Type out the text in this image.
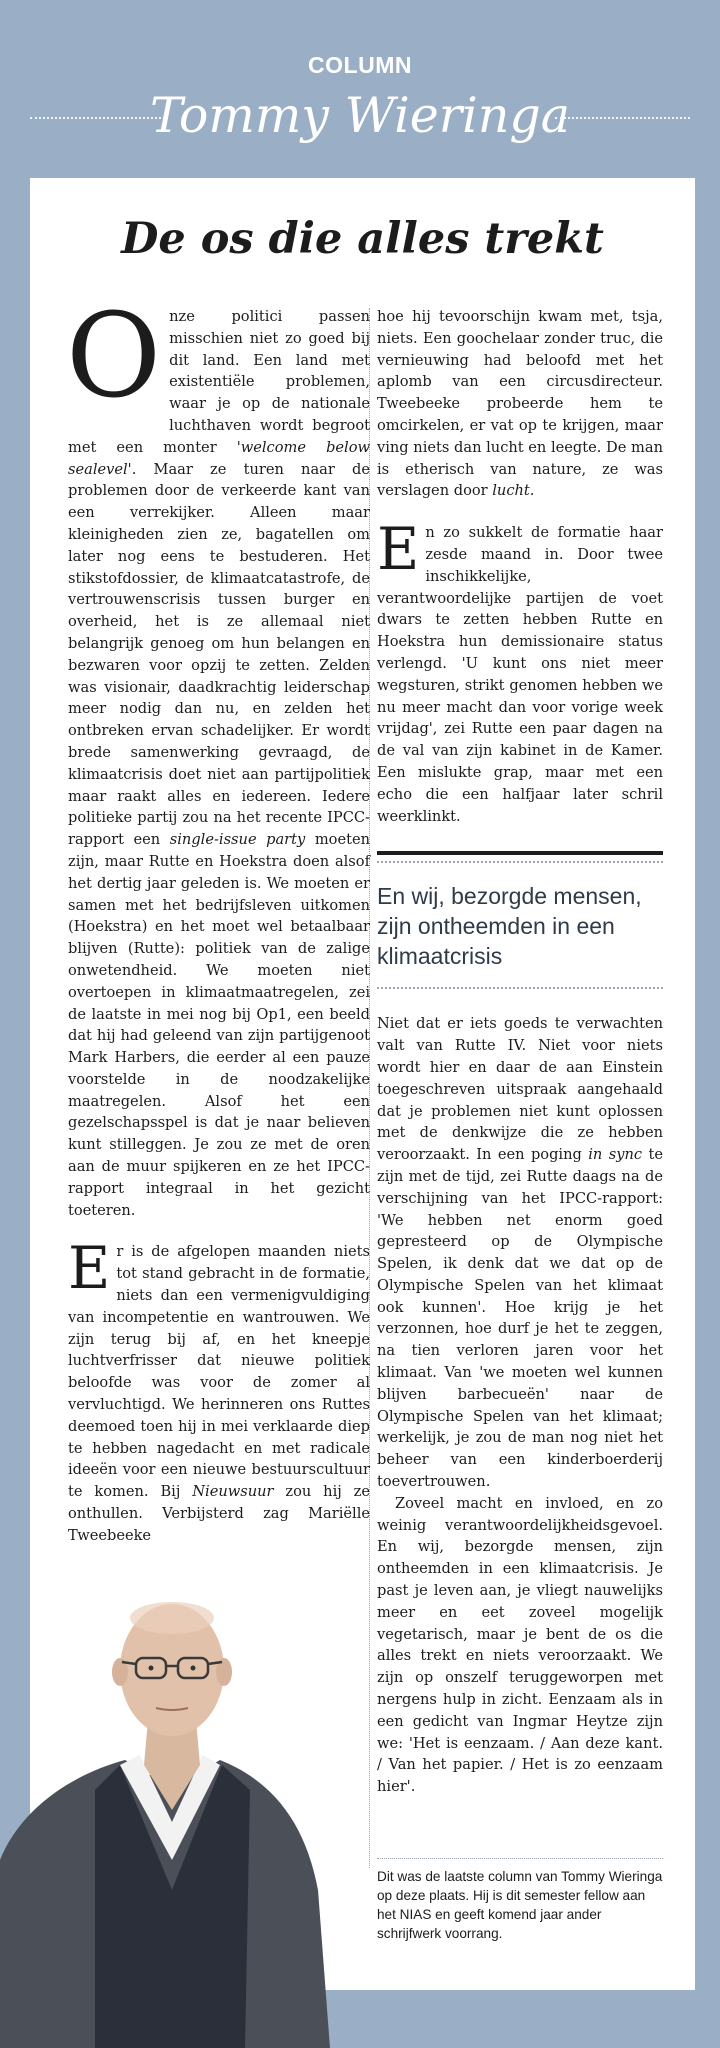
COLUMN
Tommy Wieringa
De os die alles trekt

Onze politici passen misschien niet zo goed bij dit land. Een land met existentiële problemen, waar je op de nationale luchthaven wordt begroot met een monter 'welcome below sealevel'. Maar ze turen naar de problemen door de verkeerde kant van een verrekijker. Alleen maar kleinigheden zien ze, bagatellen om later nog eens te bestuderen. Het stikstofdossier, de klimaatcatastrofe, de vertrouwenscrisis tussen burger en overheid, het is ze allemaal niet belangrijk genoeg om hun belangen en bezwaren voor opzij te zetten. Zelden was visionair, daadkrachtig leiderschap meer nodig dan nu, en zelden het ontbreken ervan schadelijker. Er wordt brede samenwerking gevraagd, de klimaatcrisis doet niet aan partijpolitiek maar raakt alles en iedereen. Iedere politieke partij zou na het recente IPCC-rapport een single-issue party moeten zijn, maar Rutte en Hoekstra doen alsof het dertig jaar geleden is. We moeten er samen met het bedrijfsleven uitkomen (Hoekstra) en het moet wel betaalbaar blijven (Rutte): politiek van de zalige onwetendheid. We moeten niet overtoepen in klimaatmaatregelen, zei de laatste in mei nog bij Op1, een beeld dat hij had geleend van zijn partijgenoot Mark Harbers, die eerder al een pauze voorstelde in de noodzakelijke maatregelen. Alsof het een gezelschapsspel is dat je naar believen kunt stilleggen. Je zou ze met de oren aan de muur spijkeren en ze het IPCC-rapport integraal in het gezicht toeteren.

Er is de afgelopen maanden niets tot stand gebracht in de formatie, niets dan een vermenigvuldiging van incompetentie en wantrouwen. We zijn terug bij af, en het kneepje luchtverfrisser dat nieuwe politiek beloofde was voor de zomer al vervluchtigd. We herinneren ons Ruttes deemoed toen hij in mei verklaarde diep te hebben nagedacht en met radicale ideeën voor een nieuwe bestuurscultuur te komen. Bij Nieuwsuur zou hij ze onthullen. Verbijsterd zag Mariëlle Tweebeeke

hoe hij tevoorschijn kwam met, tsja, niets. Een goochelaar zonder truc, die vernieuwing had beloofd met het aplomb van een circusdirecteur. Tweebeeke probeerde hem te omcirkelen, er vat op te krijgen, maar ving niets dan lucht en leegte. De man is etherisch van nature, ze was verslagen door lucht.

En zo sukkelt de formatie haar zesde maand in. Door twee inschikkelijke, verantwoordelijke partijen de voet dwars te zetten hebben Rutte en Hoekstra hun demissionaire status verlengd. 'U kunt ons niet meer wegsturen, strikt genomen hebben we nu meer macht dan voor vorige week vrijdag', zei Rutte een paar dagen na de val van zijn kabinet in de Kamer. Een mislukte grap, maar met een echo die een halfjaar later schril weerklinkt.

En wij, bezorgde mensen, zijn ontheemden in een klimaatcrisis

Niet dat er iets goeds te verwachten valt van Rutte IV. Niet voor niets wordt hier en daar de aan Einstein toegeschreven uitspraak aangehaald dat je problemen niet kunt oplossen met de denkwijze die ze hebben veroorzaakt. In een poging in sync te zijn met de tijd, zei Rutte daags na de verschijning van het IPCC-rapport: 'We hebben net enorm goed gepresteerd op de Olympische Spelen, ik denk dat we dat op de Olympische Spelen van het klimaat ook kunnen'. Hoe krijg je het verzonnen, hoe durf je het te zeggen, na tien verloren jaren voor het klimaat. Van 'we moeten wel kunnen blijven barbecueën' naar de Olympische Spelen van het klimaat; werkelijk, je zou de man nog niet het beheer van een kinderboerderij toevertrouwen.

Zoveel macht en invloed, en zo weinig verantwoordelijkheidsgevoel. En wij, bezorgde mensen, zijn ontheemden in een klimaatcrisis. Je past je leven aan, je vliegt nauwelijks meer en eet zoveel mogelijk vegetarisch, maar je bent de os die alles trekt en niets veroorzaakt. We zijn op onszelf teruggeworpen met nergens hulp in zicht. Eenzaam als in een gedicht van Ingmar Heytze zijn we: 'Het is eenzaam. / Aan deze kant. / Van het papier. / Het is zo eenzaam hier'.

Dit was de laatste column van Tommy Wieringa op deze plaats. Hij is dit semester fellow aan het NIAS en geeft komend jaar ander schrijfwerk voorrang.
